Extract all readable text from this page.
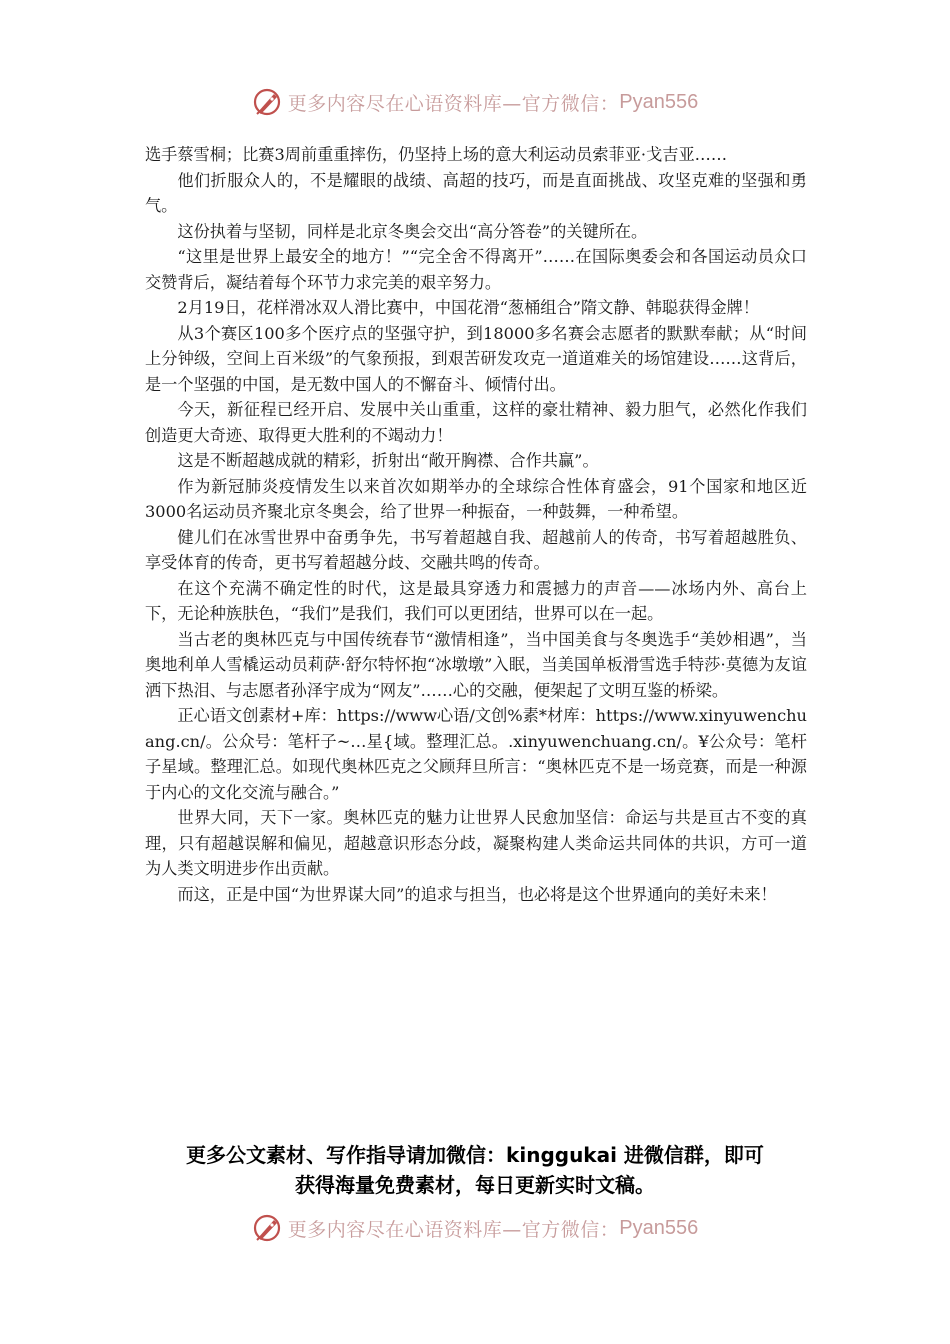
更多内容尽在心语资料库—官方微信： Pyan556

选手蔡雪桐；比赛3周前重重摔伤，仍坚持上场的意大利运动员索菲亚·戈吉亚……

他们折服众人的，不是耀眼的战绩、高超的技巧，而是直面挑战、攻坚克难的坚强和勇气。

这份执着与坚韧，同样是北京冬奥会交出“高分答卷”的关键所在。

“这里是世界上最安全的地方！”“完全舍不得离开”……在国际奥委会和各国运动员众口交赞背后，凝结着每个环节力求完美的艰辛努力。

2月19日，花样滑冰双人滑比赛中，中国花滑“葱桶组合”隋文静、韩聪获得金牌！

从3个赛区100多个医疗点的坚强守护，到18000多名赛会志愿者的默默奉献；从“时间上分钟级，空间上百米级”的气象预报，到艰苦研发攻克一道道难关的场馆建设……这背后，是一个坚强的中国，是无数中国人的不懈奋斗、倾情付出。

今天，新征程已经开启、发展中关山重重，这样的豪壮精神、毅力胆气，必然化作我们创造更大奇迹、取得更大胜利的不竭动力！

这是不断超越成就的精彩，折射出“敞开胸襟、合作共赢”。

作为新冠肺炎疫情发生以来首次如期举办的全球综合性体育盛会，91个国家和地区近3000名运动员齐聚北京冬奥会，给了世界一种振奋，一种鼓舞，一种希望。

健儿们在冰雪世界中奋勇争先，书写着超越自我、超越前人的传奇，书写着超越胜负、享受体育的传奇，更书写着超越分歧、交融共鸣的传奇。

在这个充满不确定性的时代，这是最具穿透力和震撼力的声音——冰场内外、高台上下，无论种族肤色，“我们”是我们，我们可以更团结，世界可以在一起。

当古老的奥林匹克与中国传统春节“激情相逢”，当中国美食与冬奥选手“美妙相遇”，当奥地利单人雪橇运动员莉萨·舒尔特怀抱“冰墩墩”入眠，当美国单板滑雪选手特莎·莫德为友谊洒下热泪、与志愿者孙泽宇成为“网友”……心的交融，便架起了文明互鉴的桥梁。

正心语文创素材+库：https://www心语/文创%素*材库：https://www.xinyuwenchuang.cn/。公众号：笔杆子~…星{域。整理汇总。.xinyuwenchuang.cn/。¥公众号：笔杆子星域。整理汇总。如现代奥林匹克之父顾拜旦所言：“奥林匹克不是一场竞赛，而是一种源于内心的文化交流与融合。”

世界大同，天下一家。奥林匹克的魅力让世界人民愈加坚信：命运与共是亘古不变的真理，只有超越误解和偏见，超越意识形态分歧，凝聚构建人类命运共同体的共识，方可一道为人类文明进步作出贡献。

而这，正是中国“为世界谋大同”的追求与担当，也必将是这个世界通向的美好未来！

更多公文素材、写作指导请加微信：kinggukai 进微信群，即可
获得海量免费素材，每日更新实时文稿。
更多内容尽在心语资料库—官方微信： Pyan556
